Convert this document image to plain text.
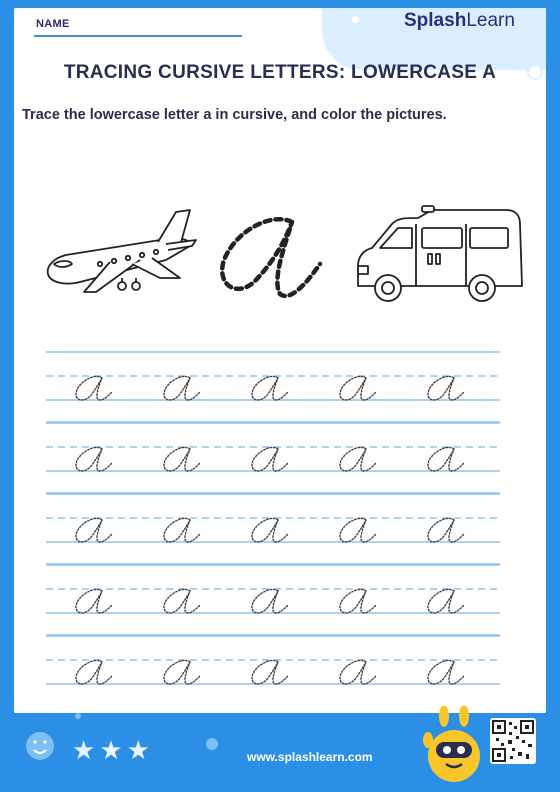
NAME	SplashLearn
TRACING CURSIVE LETTERS: LOWERCASE A
Trace the lowercase letter a in cursive, and color the pictures.
★ ★ ★	www.splashlearn.com
